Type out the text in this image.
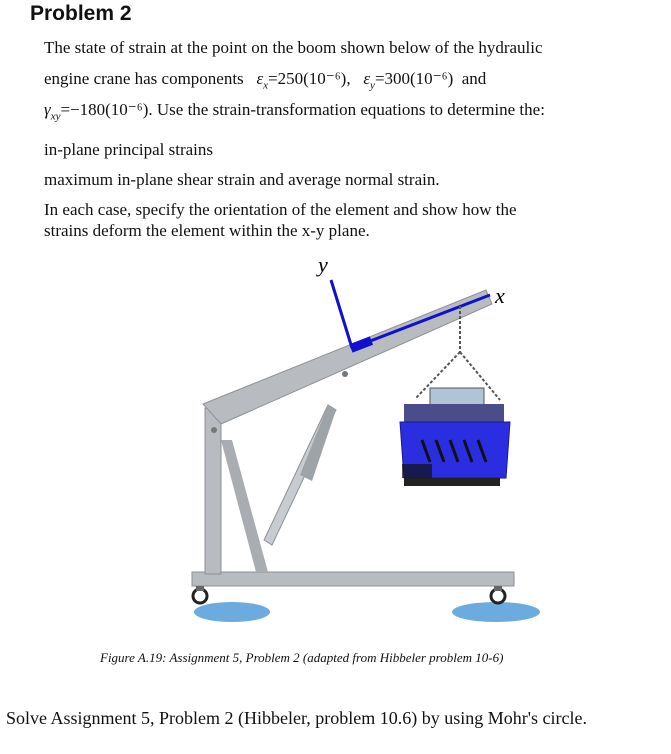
Problem 2
The state of strain at the point on the boom shown below of the hydraulic
engine crane has components $\varepsilon_x=250(10^{-6})$, $\varepsilon_y=300(10^{-6})$ and
$\gamma_{xy}=-180(10^{-6})$. Use the strain-transformation equations to determine the:
in-plane principal strains
maximum in-plane shear strain and average normal strain.
In each case, specify the orientation of the element and show how the
strains deform the element within the x-y plane.
y
x
Figure A.19: Assignment 5, Problem 2 (adapted from Hibbeler problem 10-6)
Solve Assignment 5, Problem 2 (Hibbeler, problem 10.6) by using Mohr's circle.
